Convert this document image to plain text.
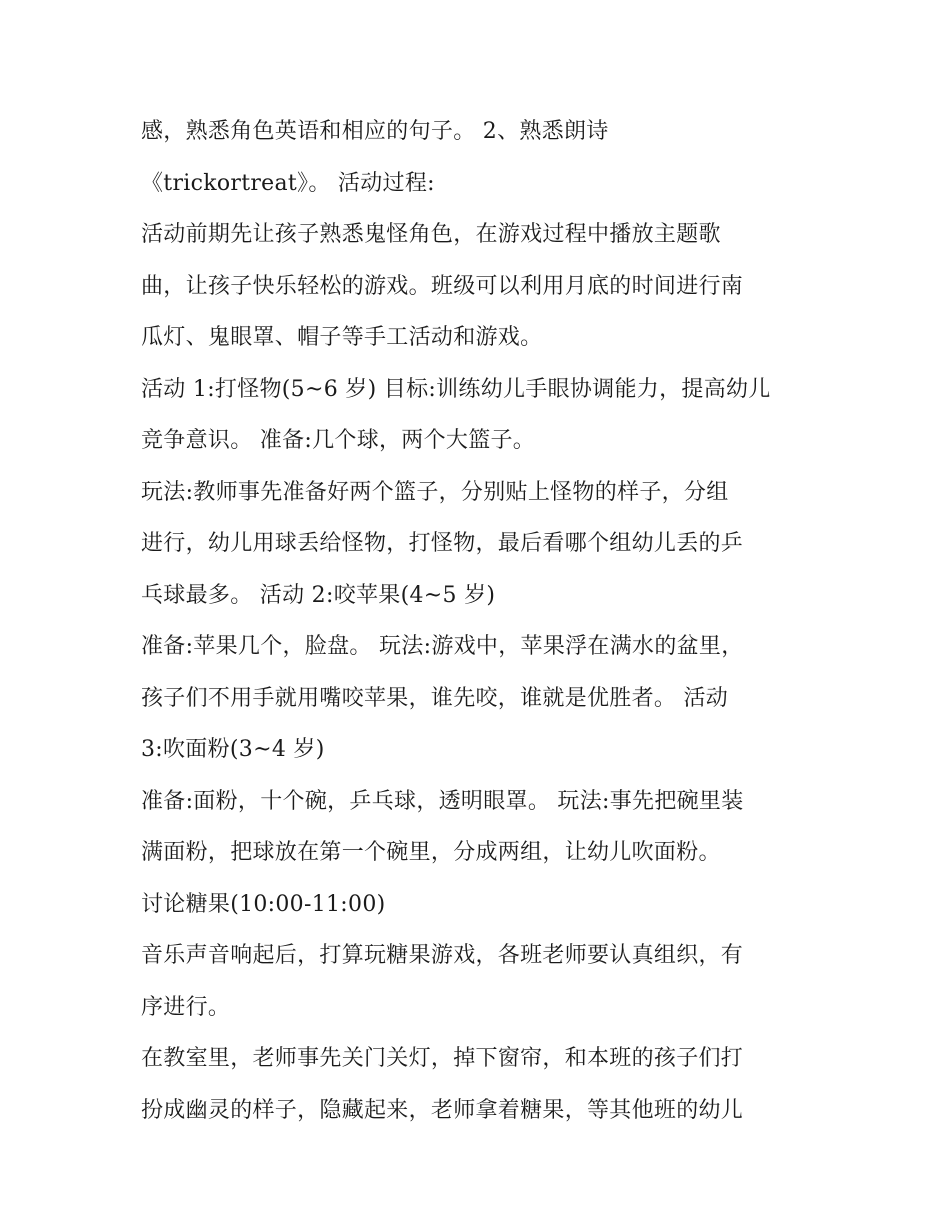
感，熟悉角色英语和相应的句子。 2、熟悉朗诗
《trickortreat》。 活动过程:
活动前期先让孩子熟悉鬼怪角色，在游戏过程中播放主题歌
曲，让孩子快乐轻松的游戏。班级可以利用月底的时间进行南
瓜灯、鬼眼罩、帽子等手工活动和游戏。
活动 1:打怪物(5~6 岁) 目标:训练幼儿手眼协调能力，提高幼儿
竞争意识。 准备:几个球，两个大篮子。
玩法:教师事先准备好两个篮子，分别贴上怪物的样子，分组
进行，幼儿用球丢给怪物，打怪物，最后看哪个组幼儿丢的乒
乓球最多。 活动 2:咬苹果(4~5 岁)
准备:苹果几个，脸盘。 玩法:游戏中，苹果浮在满水的盆里，
孩子们不用手就用嘴咬苹果，谁先咬，谁就是优胜者。 活动
3:吹面粉(3~4 岁)
准备:面粉，十个碗，乒乓球，透明眼罩。 玩法:事先把碗里装
满面粉，把球放在第一个碗里，分成两组，让幼儿吹面粉。
讨论糖果(10:00-11:00)
音乐声音响起后，打算玩糖果游戏，各班老师要认真组织，有
序进行。
在教室里，老师事先关门关灯，掉下窗帘，和本班的孩子们打
扮成幽灵的样子，隐藏起来，老师拿着糖果，等其他班的幼儿
